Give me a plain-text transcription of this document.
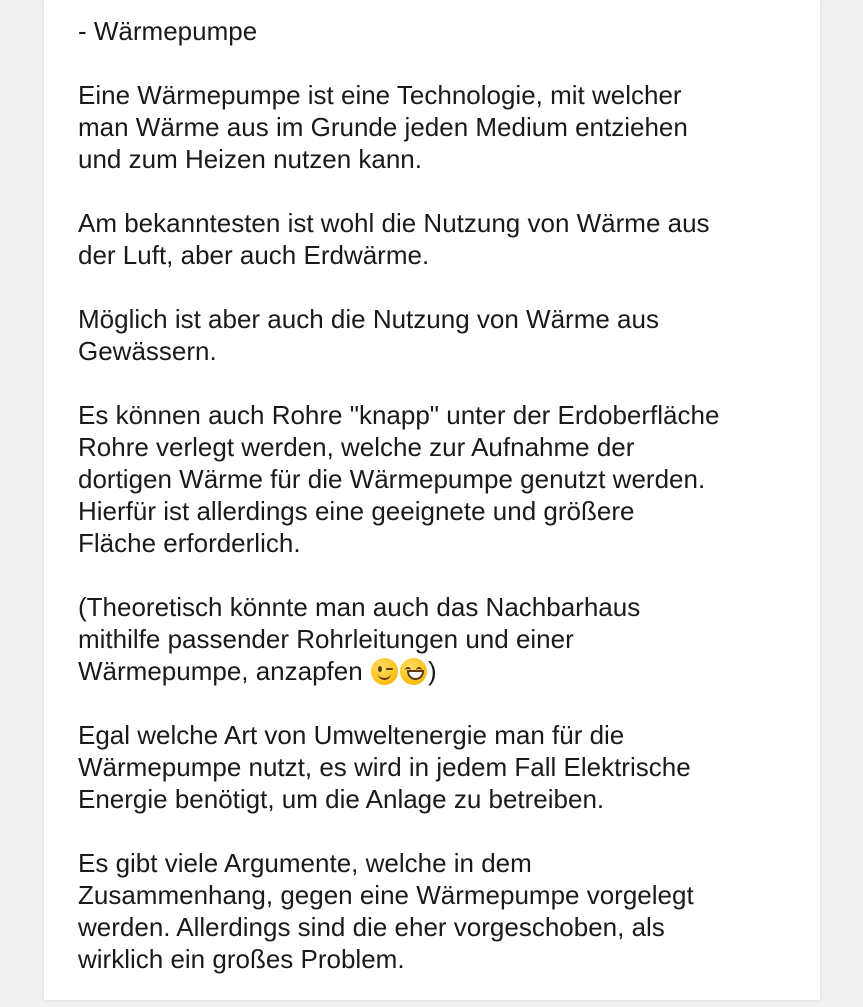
- Wärmepumpe

Eine Wärmepumpe ist eine Technologie, mit welcher
man Wärme aus im Grunde jeden Medium entziehen
und zum Heizen nutzen kann.

Am bekanntesten ist wohl die Nutzung von Wärme aus
der Luft, aber auch Erdwärme.

Möglich ist aber auch die Nutzung von Wärme aus
Gewässern.

Es können auch Rohre "knapp" unter der Erdoberfläche
Rohre verlegt werden, welche zur Aufnahme der
dortigen Wärme für die Wärmepumpe genutzt werden.
Hierfür ist allerdings eine geeignete und größere
Fläche erforderlich.

(Theoretisch könnte man auch das Nachbarhaus
mithilfe passender Rohrleitungen und einer
Wärmepumpe, anzapfen	)

Egal welche Art von Umweltenergie man für die
Wärmepumpe nutzt, es wird in jedem Fall Elektrische
Energie benötigt, um die Anlage zu betreiben.

Es gibt viele Argumente, welche in dem
Zusammenhang, gegen eine Wärmepumpe vorgelegt
werden. Allerdings sind die eher vorgeschoben, als
wirklich ein großes Problem.
